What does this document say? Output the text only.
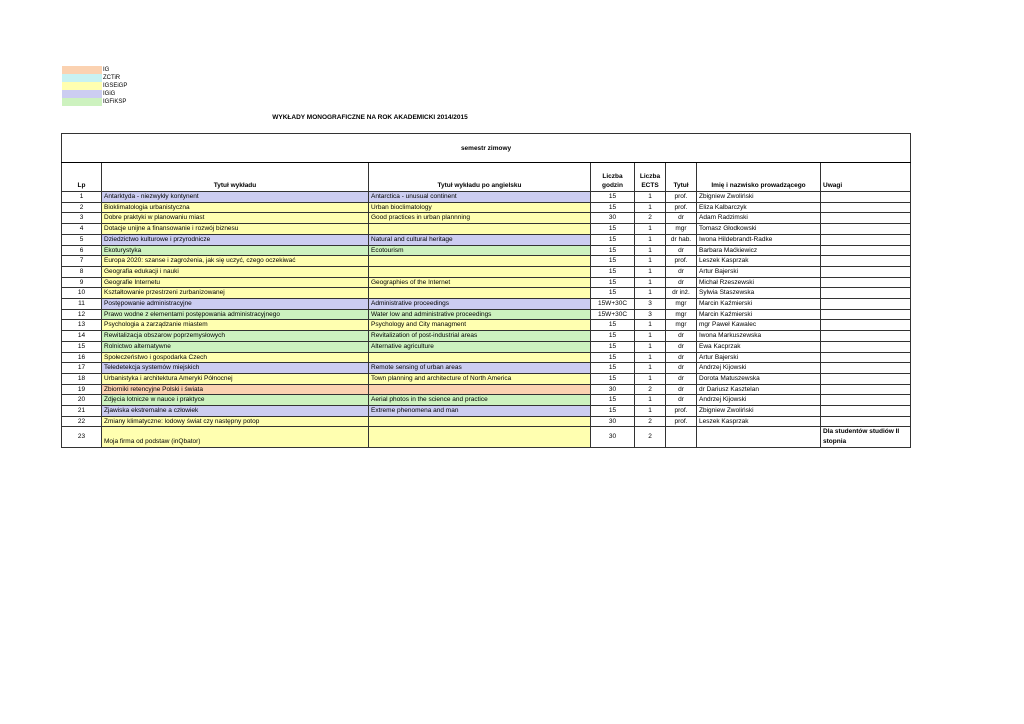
IG
ZCTiR
IGSEiGP
IGiG
IGFiKSP
WYKŁADY MONOGRAFICZNE NA ROK AKADEMICKI 2014/2015
semestr zimowy							
Lp	Tytuł wykładu	Tytuł wykładu po angielsku	Liczba godzin	Liczba ECTS	Tytuł	Imię i nazwisko prowadzącego	Uwagi
1	Antarktyda - niezwykły kontynent	Antarctica - unusual continent	15	1	prof.	Zbigniew Zwoliński	
2	Bioklimatologia urbanistyczna	Urban bioclimatology	15	1	prof.	Eliza Kalbarczyk	
3	Dobre praktyki w planowaniu miast	Good practices in urban plannning	30	2	dr	Adam Radzimski	
4	Dotacje unijne a finansowanie i rozwój biznesu		15	1	mgr	Tomasz Głodkowski	
5	Dziedzictwo kulturowe i przyrodnicze	Natural and cultural heritage	15	1	dr hab.	Iwona Hildebrandt-Radke	
6	Ekoturystyka	Ecotourism	15	1	dr	Barbara Maćkiewicz	
7	Europa 2020: szanse i zagrożenia, jak się uczyć, czego oczekiwać		15	1	prof.	Leszek Kasprzak	
8	Geografia edukacji i nauki		15	1	dr	Artur Bajerski	
9	Geografie Internetu	Geographies of the Internet	15	1	dr	Michał Rzeszewski	
10	Kształtowanie przestrzeni zurbanizowanej		15	1	dr inż.	Sylwia Staszewska	
11	Postępowanie administracyjne	Administrative proceedings	15W+30C	3	mgr	Marcin Kaźmierski	
12	Prawo wodne z elementami postępowania administracyjnego	Water low and administrative proceedings	15W+30C	3	mgr	Marcin Kaźmierski	
13	Psychologia a zarządzanie miastem	Psychology and City managment	15	1	mgr	mgr Paweł Kawalec	
14	Rewitalizacja obszarow poprzemysłowych	Revitalization of post-industrial areas	15	1	dr	Iwona Markuszewska	
15	Rolnictwo alternatywne	Alternative agriculture	15	1	dr	Ewa Kacprzak	
16	Społeczeństwo i gospodarka Czech		15	1	dr	Artur Bajerski	
17	Teledetekcja systemów miejskich	Remote sensing of urban areas	15	1	dr	Andrzej Kijowski	
18	Urbanistyka i architektura Ameryki Północnej	Town planning and architecture of North America	15	1	dr	Dorota Matuszewska	
19	Zbiorniki retencyjne Polski i świata		30	2	dr	dr Dariusz Kasztelan	
20	Zdjęcia lotnicze w nauce i praktyce	Aerial photos in the science and practice	15	1	dr	Andrzej Kijowski	
21	Zjawiska ekstremalne a człowiek	Extreme phenomena and man	15	1	prof.	Zbigniew Zwoliński	
22	Zmiany klimatyczne: lodowy świat czy następny potop		30	2	prof.	Leszek Kasprzak	
23	Moja firma od podstaw (inQbator)		30	2			Dla studentów studiów II stopnia
